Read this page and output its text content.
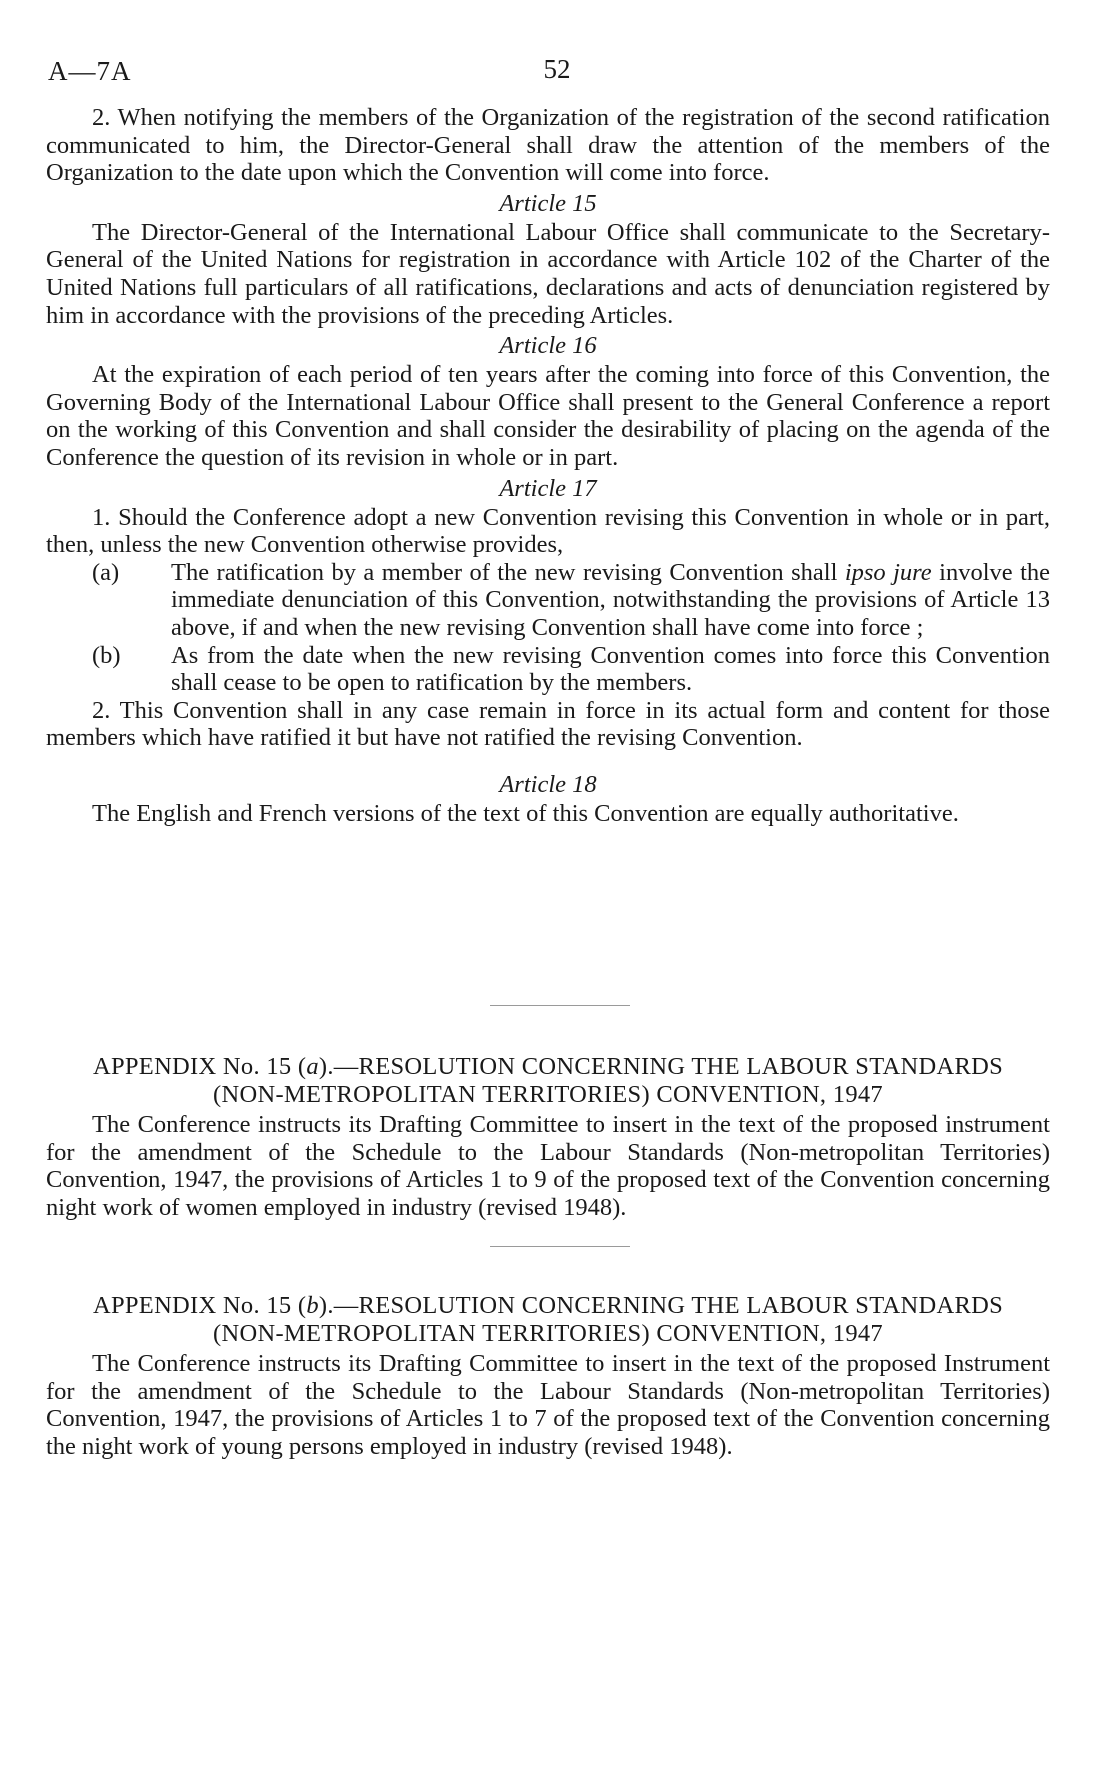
A—7A	52

2. When notifying the members of the Organization of the registration of the second ratification communicated to him, the Director-General shall draw the attention of the members of the Organization to the date upon which the Convention will come into force.

Article 15

The Director-General of the International Labour Office shall communicate to the Secretary-General of the United Nations for registration in accordance with Article 102 of the Charter of the United Nations full particulars of all ratifications, declarations and acts of denunciation registered by him in accordance with the provisions of the preceding Articles.

Article 16

At the expiration of each period of ten years after the coming into force of this Convention, the Governing Body of the International Labour Office shall present to the General Conference a report on the working of this Convention and shall consider the desirability of placing on the agenda of the Conference the question of its revision in whole or in part.

Article 17

1. Should the Conference adopt a new Convention revising this Convention in whole or in part, then, unless the new Convention otherwise provides,

(a)	The ratification by a member of the new revising Convention shall ipso jure involve the immediate denunciation of this Convention, notwithstanding the provisions of Article 13 above, if and when the new revising Convention shall have come into force ;
(b)	As from the date when the new revising Convention comes into force this Convention shall cease to be open to ratification by the members.

2. This Convention shall in any case remain in force in its actual form and content for those members which have ratified it but have not ratified the revising Convention.

Article 18

The English and French versions of the text of this Convention are equally authoritative.

APPENDIX No. 15 (a).—RESOLUTION CONCERNING THE LABOUR STANDARDS
(NON-METROPOLITAN TERRITORIES) CONVENTION, 1947

The Conference instructs its Drafting Committee to insert in the text of the proposed instrument for the amendment of the Schedule to the Labour Standards (Non-metropolitan Territories) Convention, 1947, the provisions of Articles 1 to 9 of the proposed text of the Convention concerning night work of women employed in industry (revised 1948).

APPENDIX No. 15 (b).—RESOLUTION CONCERNING THE LABOUR STANDARDS
(NON-METROPOLITAN TERRITORIES) CONVENTION, 1947

The Conference instructs its Drafting Committee to insert in the text of the proposed Instrument for the amendment of the Schedule to the Labour Standards (Non-metropolitan Territories) Convention, 1947, the provisions of Articles 1 to 7 of the proposed text of the Convention concerning the night work of young persons employed in industry (revised 1948).
